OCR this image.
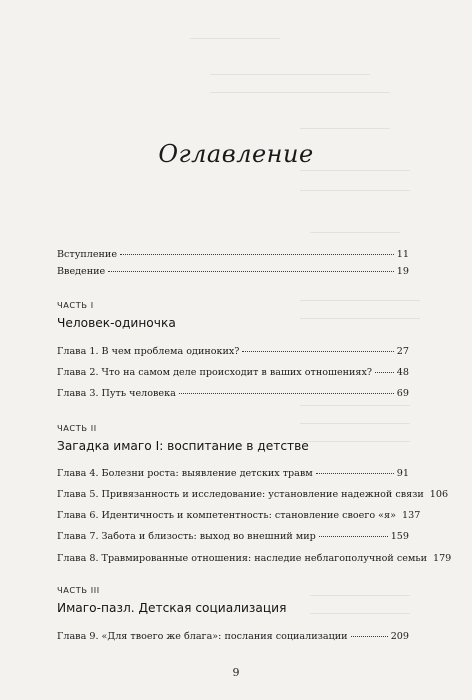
Оглавление
Вступление	11
Введение	19
ЧАСТЬ I
Человек-одиночка
Глава 1. В чем проблема одиноких?	27
Глава 2. Что на самом деле происходит в ваших отношениях?	48
Глава 3. Путь человека	69
ЧАСТЬ II
Загадка имаго I: воспитание в детстве
Глава 4. Болезни роста: выявление детских травм	91
Глава 5. Привязанность и исследование: установление надежной связи 106
Глава 6. Идентичность и компетентность: становление своего «я» 137
Глава 7. Забота и близость: выход во внешний мир	159
Глава 8. Травмированные отношения: наследие неблагополучной семьи 179
ЧАСТЬ III
Имаго-пазл. Детская социализация
Глава 9. «Для твоего же блага»: послания социализации	209
9
